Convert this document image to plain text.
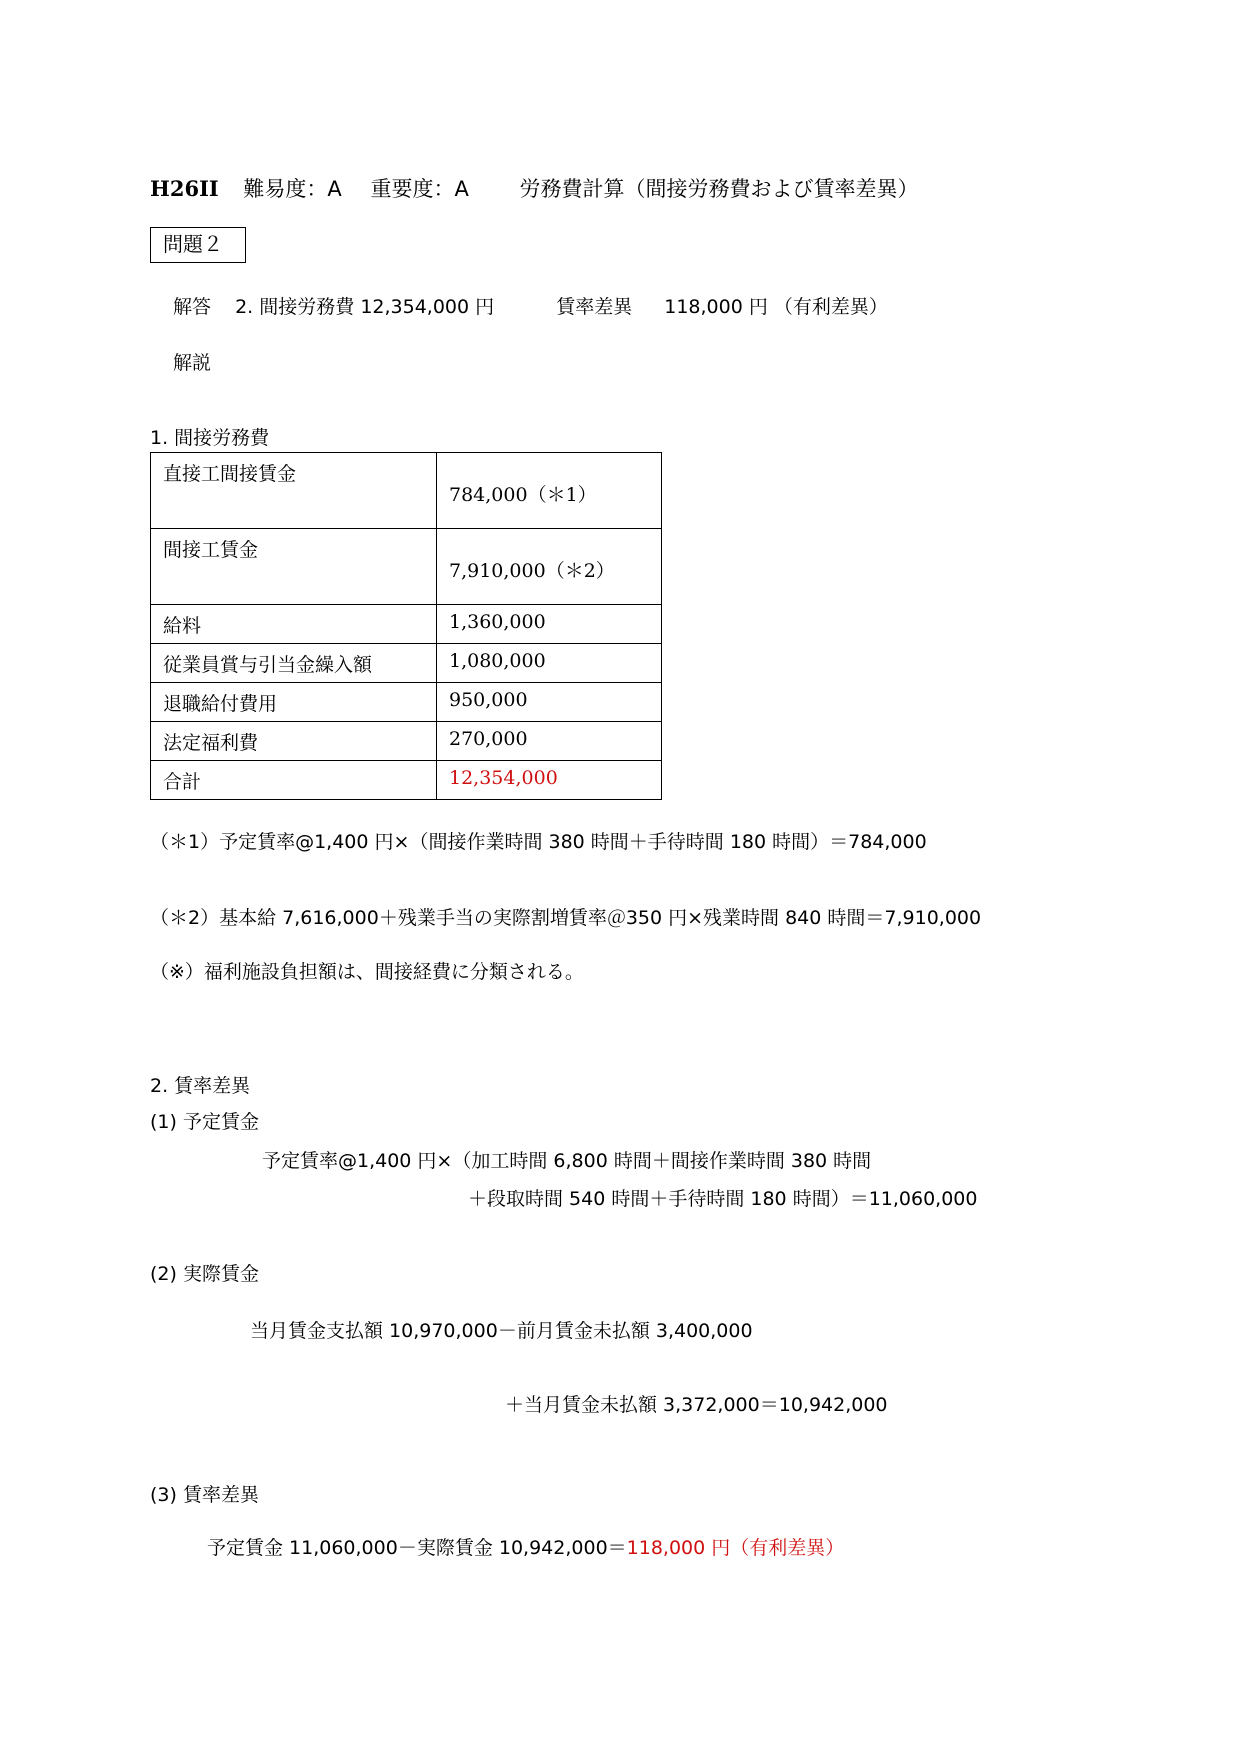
H26II 難易度：A 重要度：A 労務費計算（間接労務費および賃率差異）
問題２
解答 2. 間接労務費 12,354,000 円	賃率差異 118,000 円 （有利差異）
解説
1. 間接労務費
直接工間接賃金	784,000（＊1）
間接工賃金	7,910,000（＊2）
給料	1,360,000
従業員賞与引当金繰入額	1,080,000
退職給付費用	950,000
法定福利費	270,000
合計	12,354,000
（＊1）予定賃率@1,400 円×（間接作業時間 380 時間＋手待時間 180 時間）＝784,000
（＊2）基本給 7,616,000＋残業手当の実際割増賃率＠350 円×残業時間 840 時間＝7,910,000
（※）福利施設負担額は、間接経費に分類される。
2. 賃率差異
(1) 予定賃金
予定賃率@1,400 円×（加工時間 6,800 時間＋間接作業時間 380 時間
＋段取時間 540 時間＋手待時間 180 時間）＝11,060,000
(2) 実際賃金
当月賃金支払額 10,970,000－前月賃金未払額 3,400,000
＋当月賃金未払額 3,372,000＝10,942,000
(3) 賃率差異
予定賃金 11,060,000－実際賃金 10,942,000＝118,000 円（有利差異）
